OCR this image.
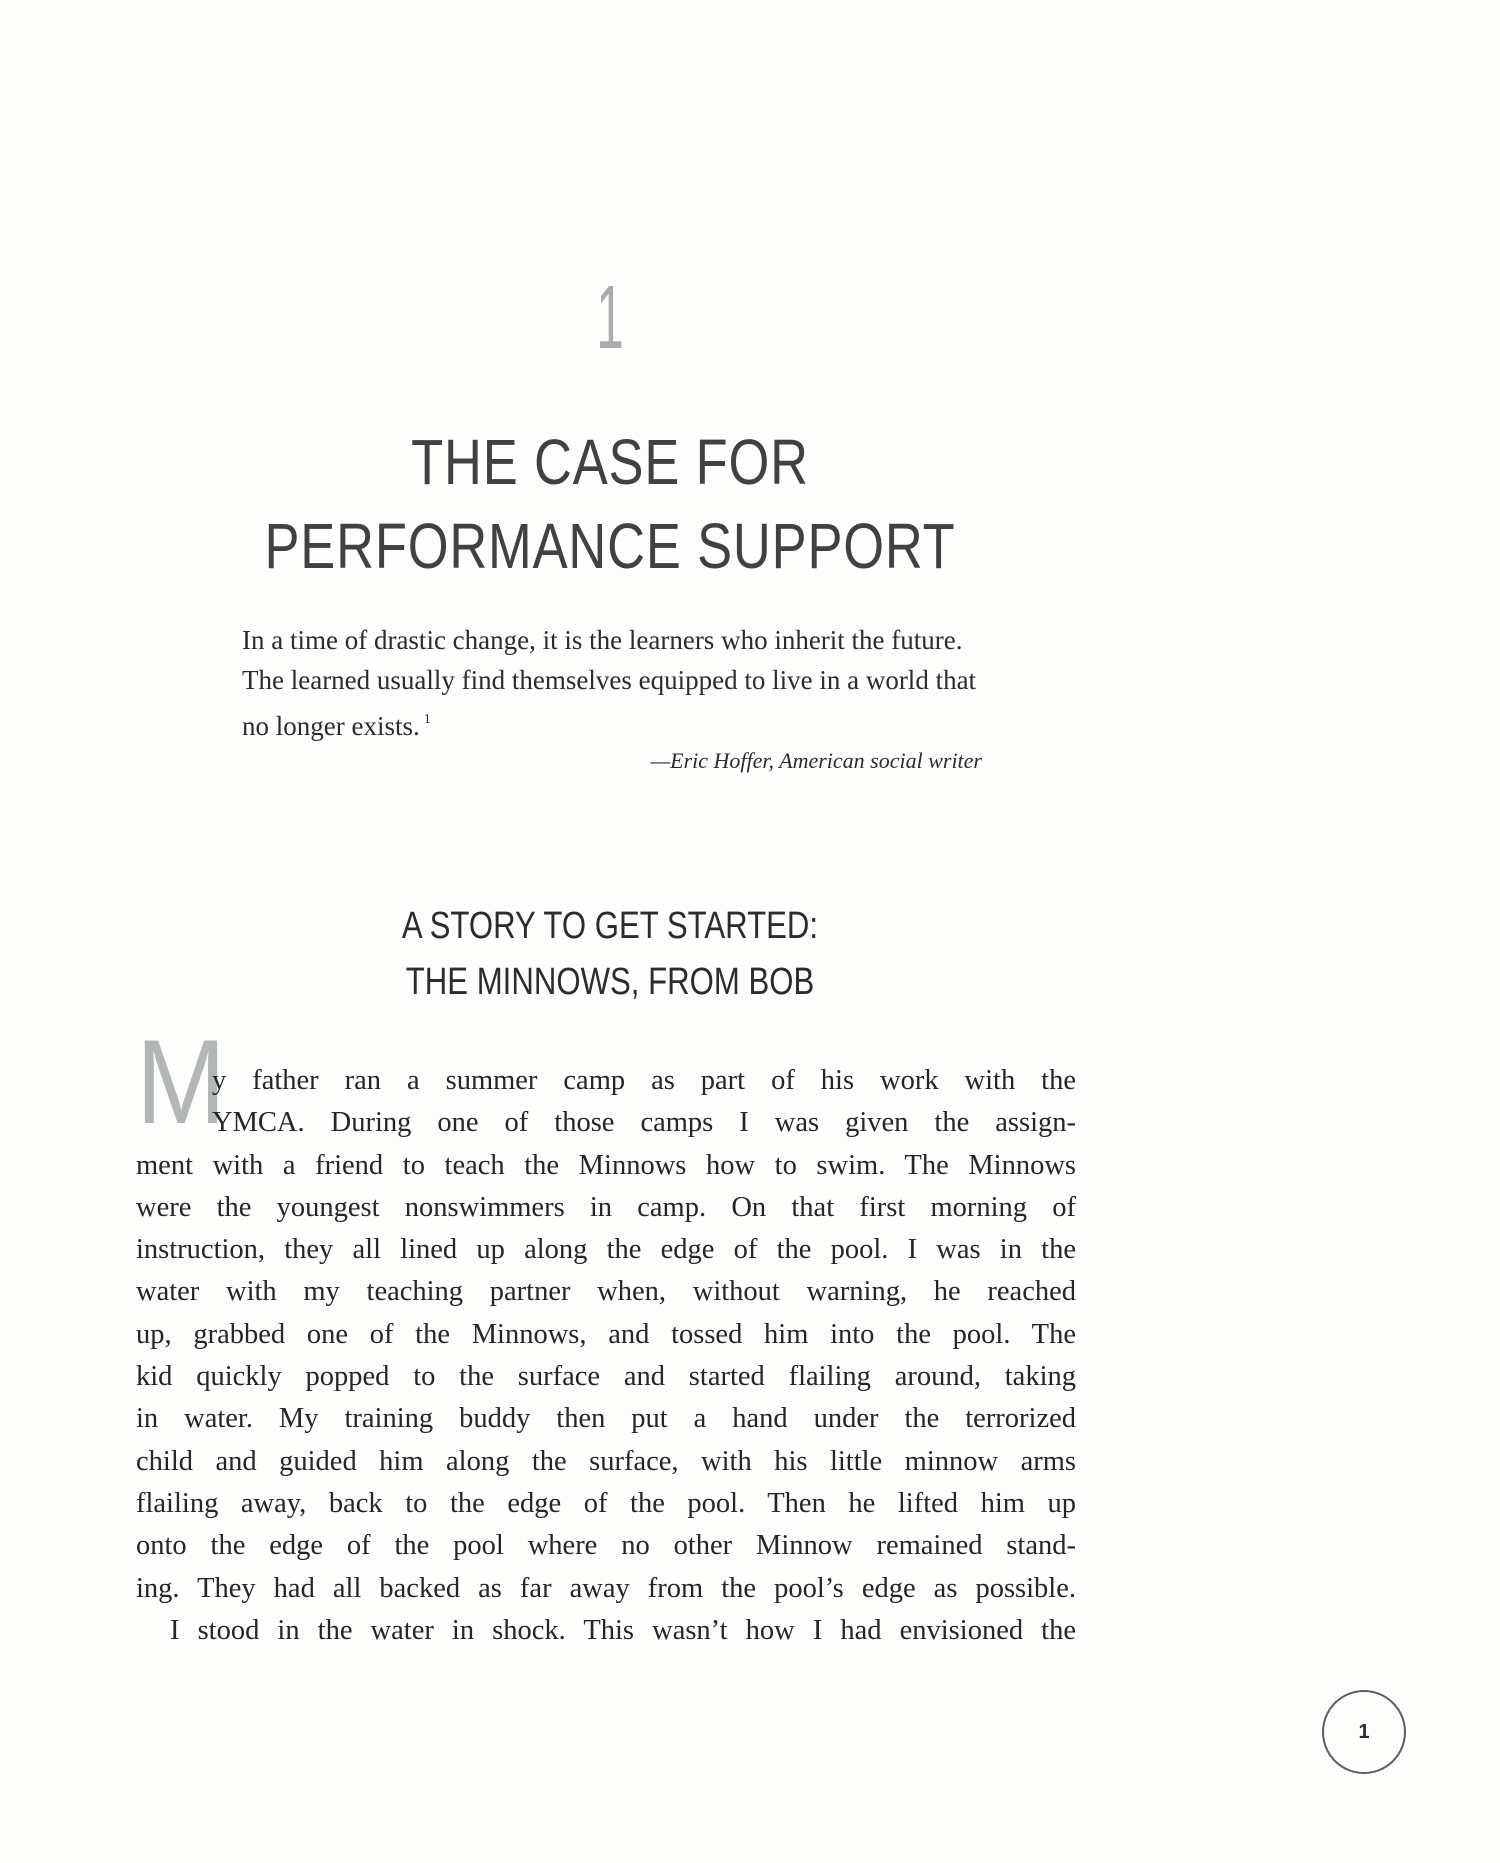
1
THE CASE FOR
PERFORMANCE SUPPORT
In a time of drastic change, it is the learners who inherit the future. The learned usually find themselves equipped to live in a world that no longer exists. $^1$
—Eric Hoffer, American social writer
A STORY TO GET STARTED:
THE MINNOWS, FROM BOB
M
y father ran a summer camp as part of his work with the
YMCA. During one of those camps I was given the assign-
ment with a friend to teach the Minnows how to swim. The Minnows
were the youngest nonswimmers in camp. On that first morning of
instruction, they all lined up along the edge of the pool. I was in the
water with my teaching partner when, without warning, he reached
up, grabbed one of the Minnows, and tossed him into the pool. The
kid quickly popped to the surface and started flailing around, taking
in water. My training buddy then put a hand under the terrorized
child and guided him along the surface, with his little minnow arms
flailing away, back to the edge of the pool. Then he lifted him up
onto the edge of the pool where no other Minnow remained stand-
ing. They had all backed as far away from the pool’s edge as possible.
I stood in the water in shock. This wasn’t how I had envisioned the
1
